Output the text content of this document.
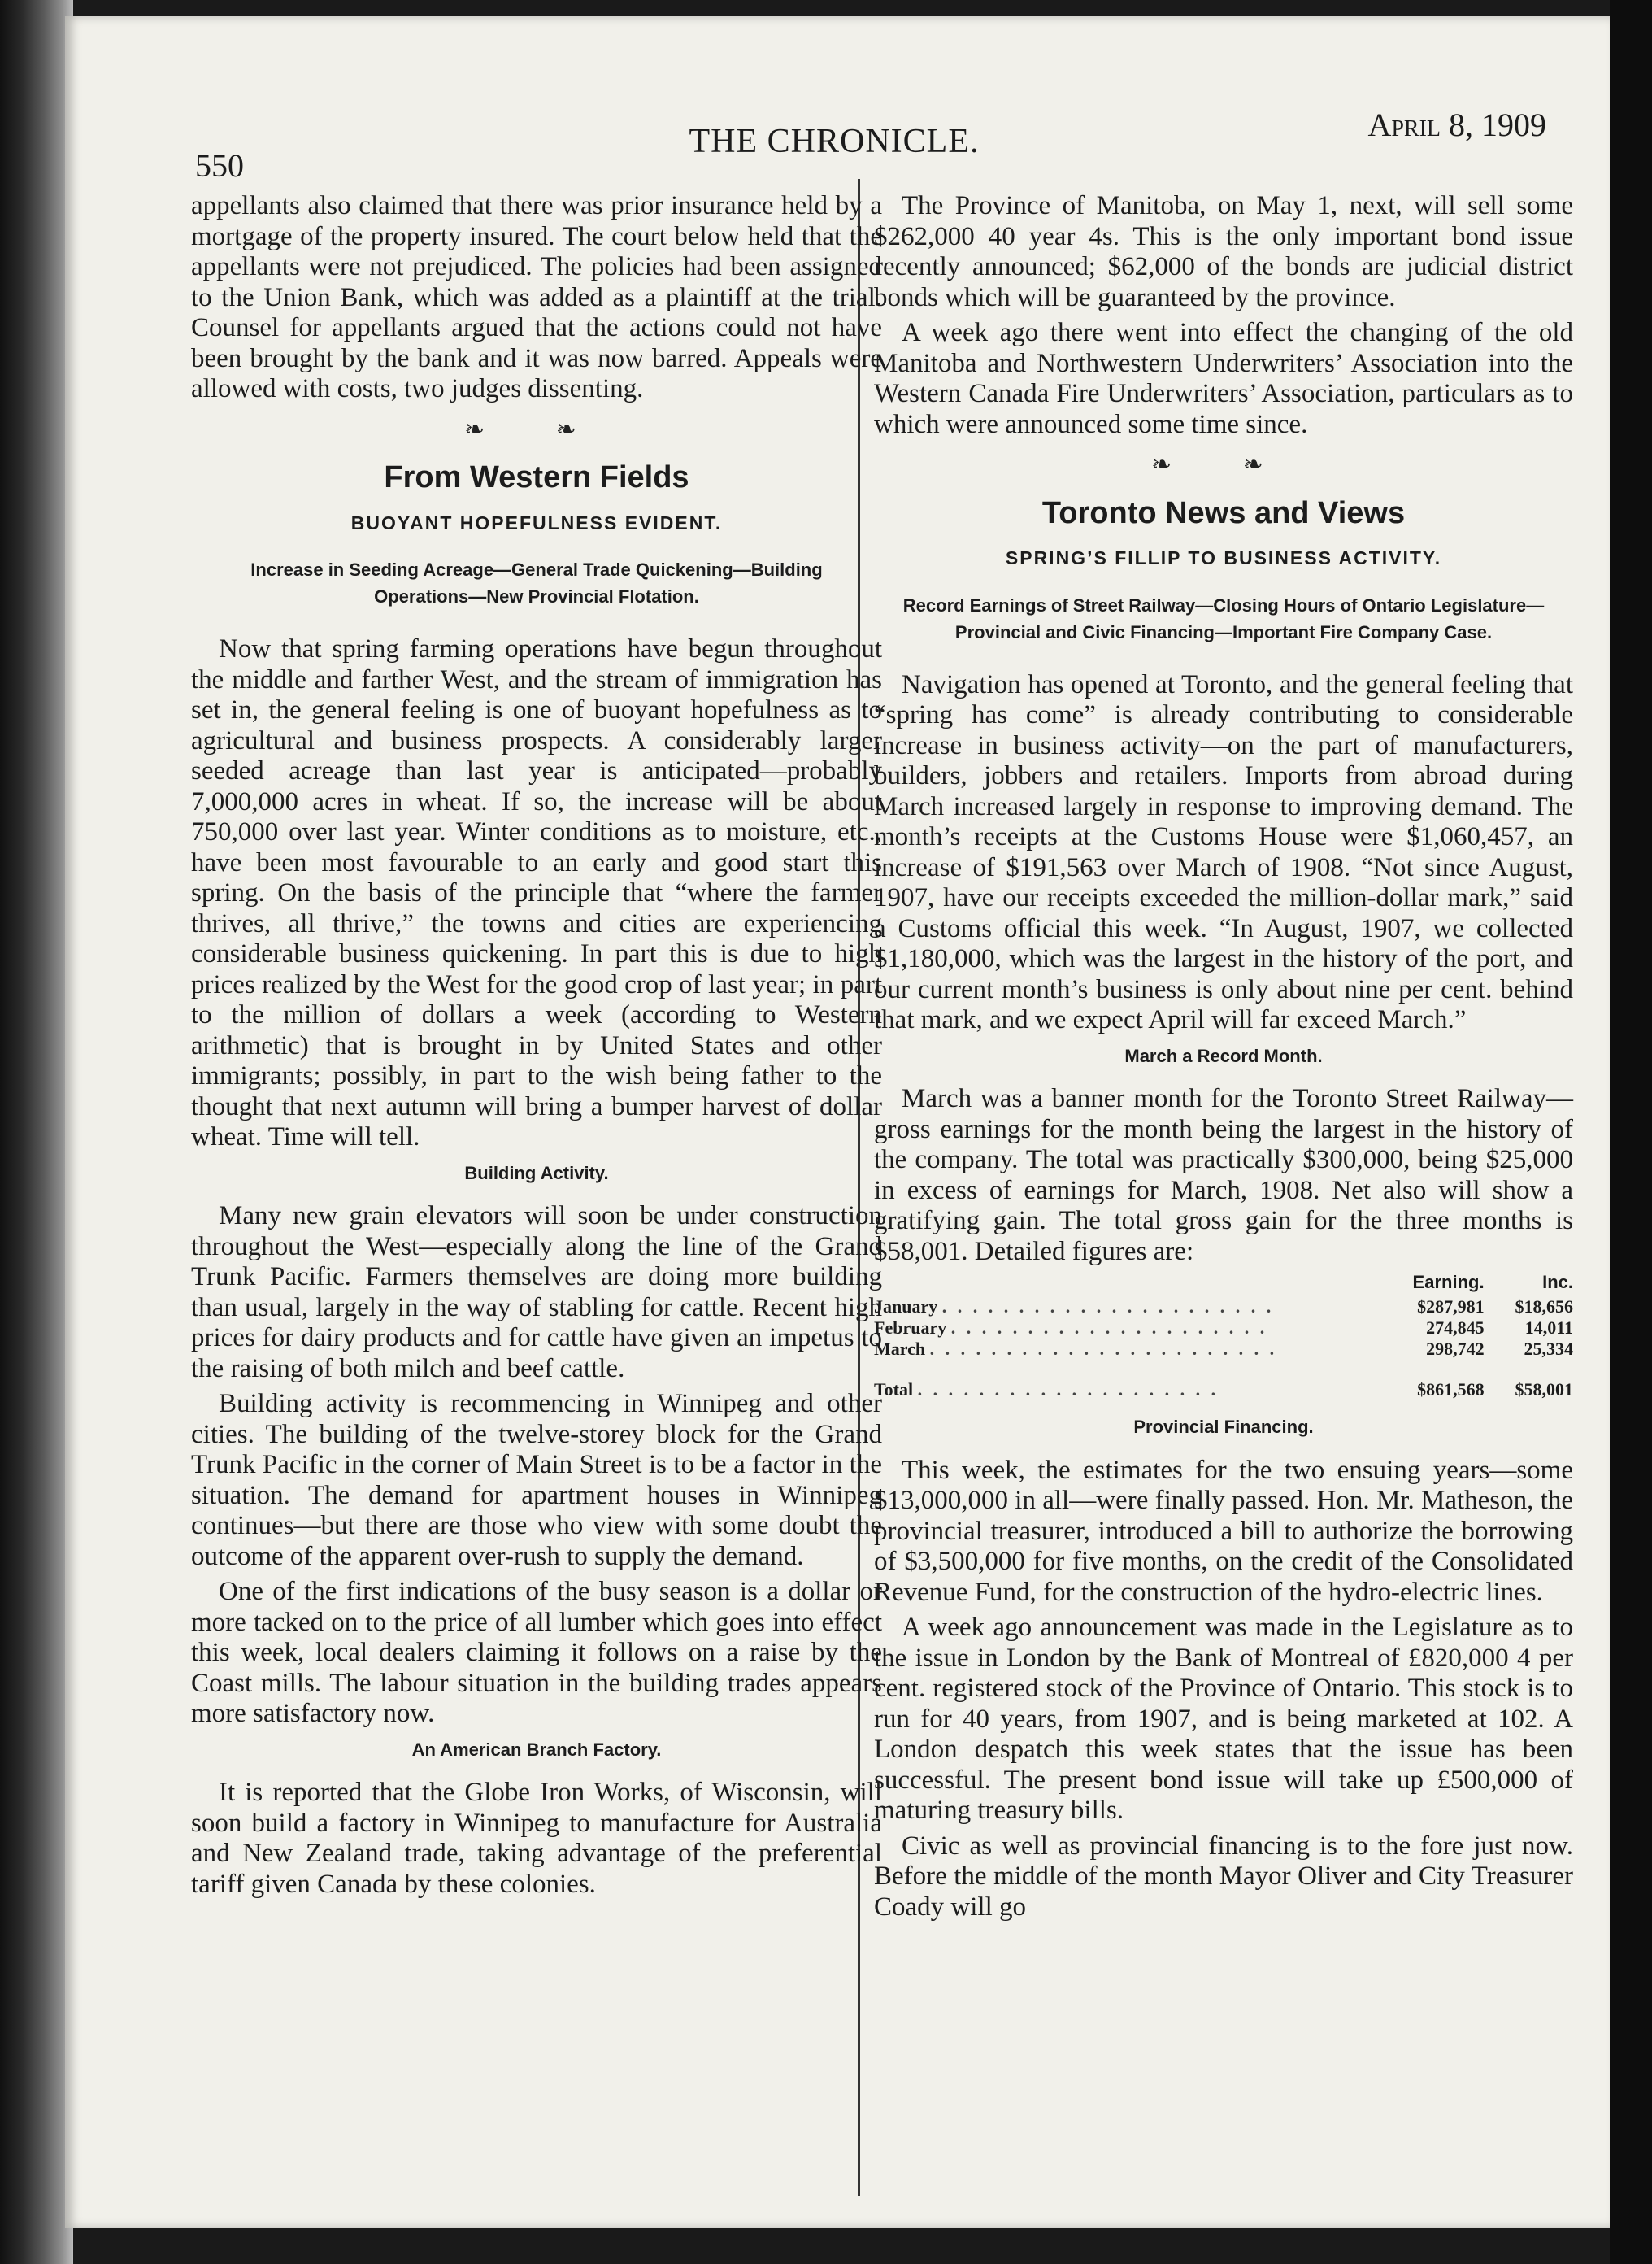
550
THE CHRONICLE.	April 8, 1909

appellants also claimed that there was prior insurance held by a mortgage of the property insured. The court below held that the appellants were not prejudiced. The policies had been assigned to the Union Bank, which was added as a plaintiff at the trial. Counsel for appellants argued that the actions could not have been brought by the bank and it was now barred. Appeals were allowed with costs, two judges dissenting.

❧ ❧
From Western Fields
BUOYANT HOPEFULNESS EVIDENT.
Increase in Seeding Acreage—General Trade Quickening—Building Operations—New Provincial Flotation.

Now that spring farming operations have begun throughout the middle and farther West, and the stream of immigration has set in, the general feeling is one of buoyant hopefulness as to agricultural and business prospects. A considerably larger seeded acreage than last year is anticipated—probably 7,000,000 acres in wheat. If so, the increase will be about 750,000 over last year. Winter conditions as to moisture, etc., have been most favourable to an early and good start this spring. On the basis of the principle that “where the farmer thrives, all thrive,” the towns and cities are experiencing considerable business quickening. In part this is due to high prices realized by the West for the good crop of last year; in part to the million of dollars a week (according to Western arithmetic) that is brought in by United States and other immigrants; possibly, in part to the wish being father to the thought that next autumn will bring a bumper harvest of dollar wheat. Time will tell.

Building Activity.

Many new grain elevators will soon be under construction throughout the West—especially along the line of the Grand Trunk Pacific. Farmers themselves are doing more building than usual, largely in the way of stabling for cattle. Recent high prices for dairy products and for cattle have given an impetus to the raising of both milch and beef cattle.

Building activity is recommencing in Winnipeg and other cities. The building of the twelve-storey block for the Grand Trunk Pacific in the corner of Main Street is to be a factor in the situation. The demand for apartment houses in Winnipeg continues—but there are those who view with some doubt the outcome of the apparent over-rush to supply the demand.

One of the first indications of the busy season is a dollar or more tacked on to the price of all lumber which goes into effect this week, local dealers claiming it follows on a raise by the Coast mills. The labour situation in the building trades appears more satisfactory now.

An American Branch Factory.

It is reported that the Globe Iron Works, of Wisconsin, will soon build a factory in Winnipeg to manufacture for Australia and New Zealand trade, taking advantage of the preferential tariff given Canada by these colonies.

The Province of Manitoba, on May 1, next, will sell some $262,000 40 year 4s. This is the only important bond issue recently announced; $62,000 of the bonds are judicial district bonds which will be guaranteed by the province.

A week ago there went into effect the changing of the old Manitoba and Northwestern Underwriters’ Association into the Western Canada Fire Underwriters’ Association, particulars as to which were announced some time since.

❧ ❧
Toronto News and Views
SPRING’S FILLIP TO BUSINESS ACTIVITY.
Record Earnings of Street Railway—Closing Hours of Ontario Legislature—Provincial and Civic Financing—Important Fire Company Case.

Navigation has opened at Toronto, and the general feeling that “spring has come” is already contributing to considerable increase in business activity—on the part of manufacturers, builders, jobbers and retailers. Imports from abroad during March increased largely in response to improving demand. The month’s receipts at the Customs House were $1,060,457, an increase of $191,563 over March of 1908. “Not since August, 1907, have our receipts exceeded the million-dollar mark,” said a Customs official this week. “In August, 1907, we collected $1,180,000, which was the largest in the history of the port, and our current month’s business is only about nine per cent. behind that mark, and we expect April will far exceed March.”

March a Record Month.

March was a banner month for the Toronto Street Railway—gross earnings for the month being the largest in the history of the company. The total was practically $300,000, being $25,000 in excess of earnings for March, 1908. Net also will show a gratifying gain. The total gross gain for the three months is $58,001. Detailed figures are:

	Earning.	Inc.
January . . . . . . . . . . . . . . . . . . . . . .	$287,981	$18,656
February . . . . . . . . . . . . . . . . . . . . .	274,845	14,011
March . . . . . . . . . . . . . . . . . . . . . . .	298,742	25,334
Total . . . . . . . . . . . . . . . . . . . .	$861,568	$58,001
Provincial Financing.

This week, the estimates for the two ensuing years—some $13,000,000 in all—were finally passed. Hon. Mr. Matheson, the provincial treasurer, introduced a bill to authorize the borrowing of $3,500,000 for five months, on the credit of the Consolidated Revenue Fund, for the construction of the hydro-electric lines.

A week ago announcement was made in the Legislature as to the issue in London by the Bank of Montreal of £820,000 4 per cent. registered stock of the Province of Ontario. This stock is to run for 40 years, from 1907, and is being marketed at 102. A London despatch this week states that the issue has been successful. The present bond issue will take up £500,000 of maturing treasury bills.

Civic as well as provincial financing is to the fore just now. Before the middle of the month Mayor Oliver and City Treasurer Coady will go
